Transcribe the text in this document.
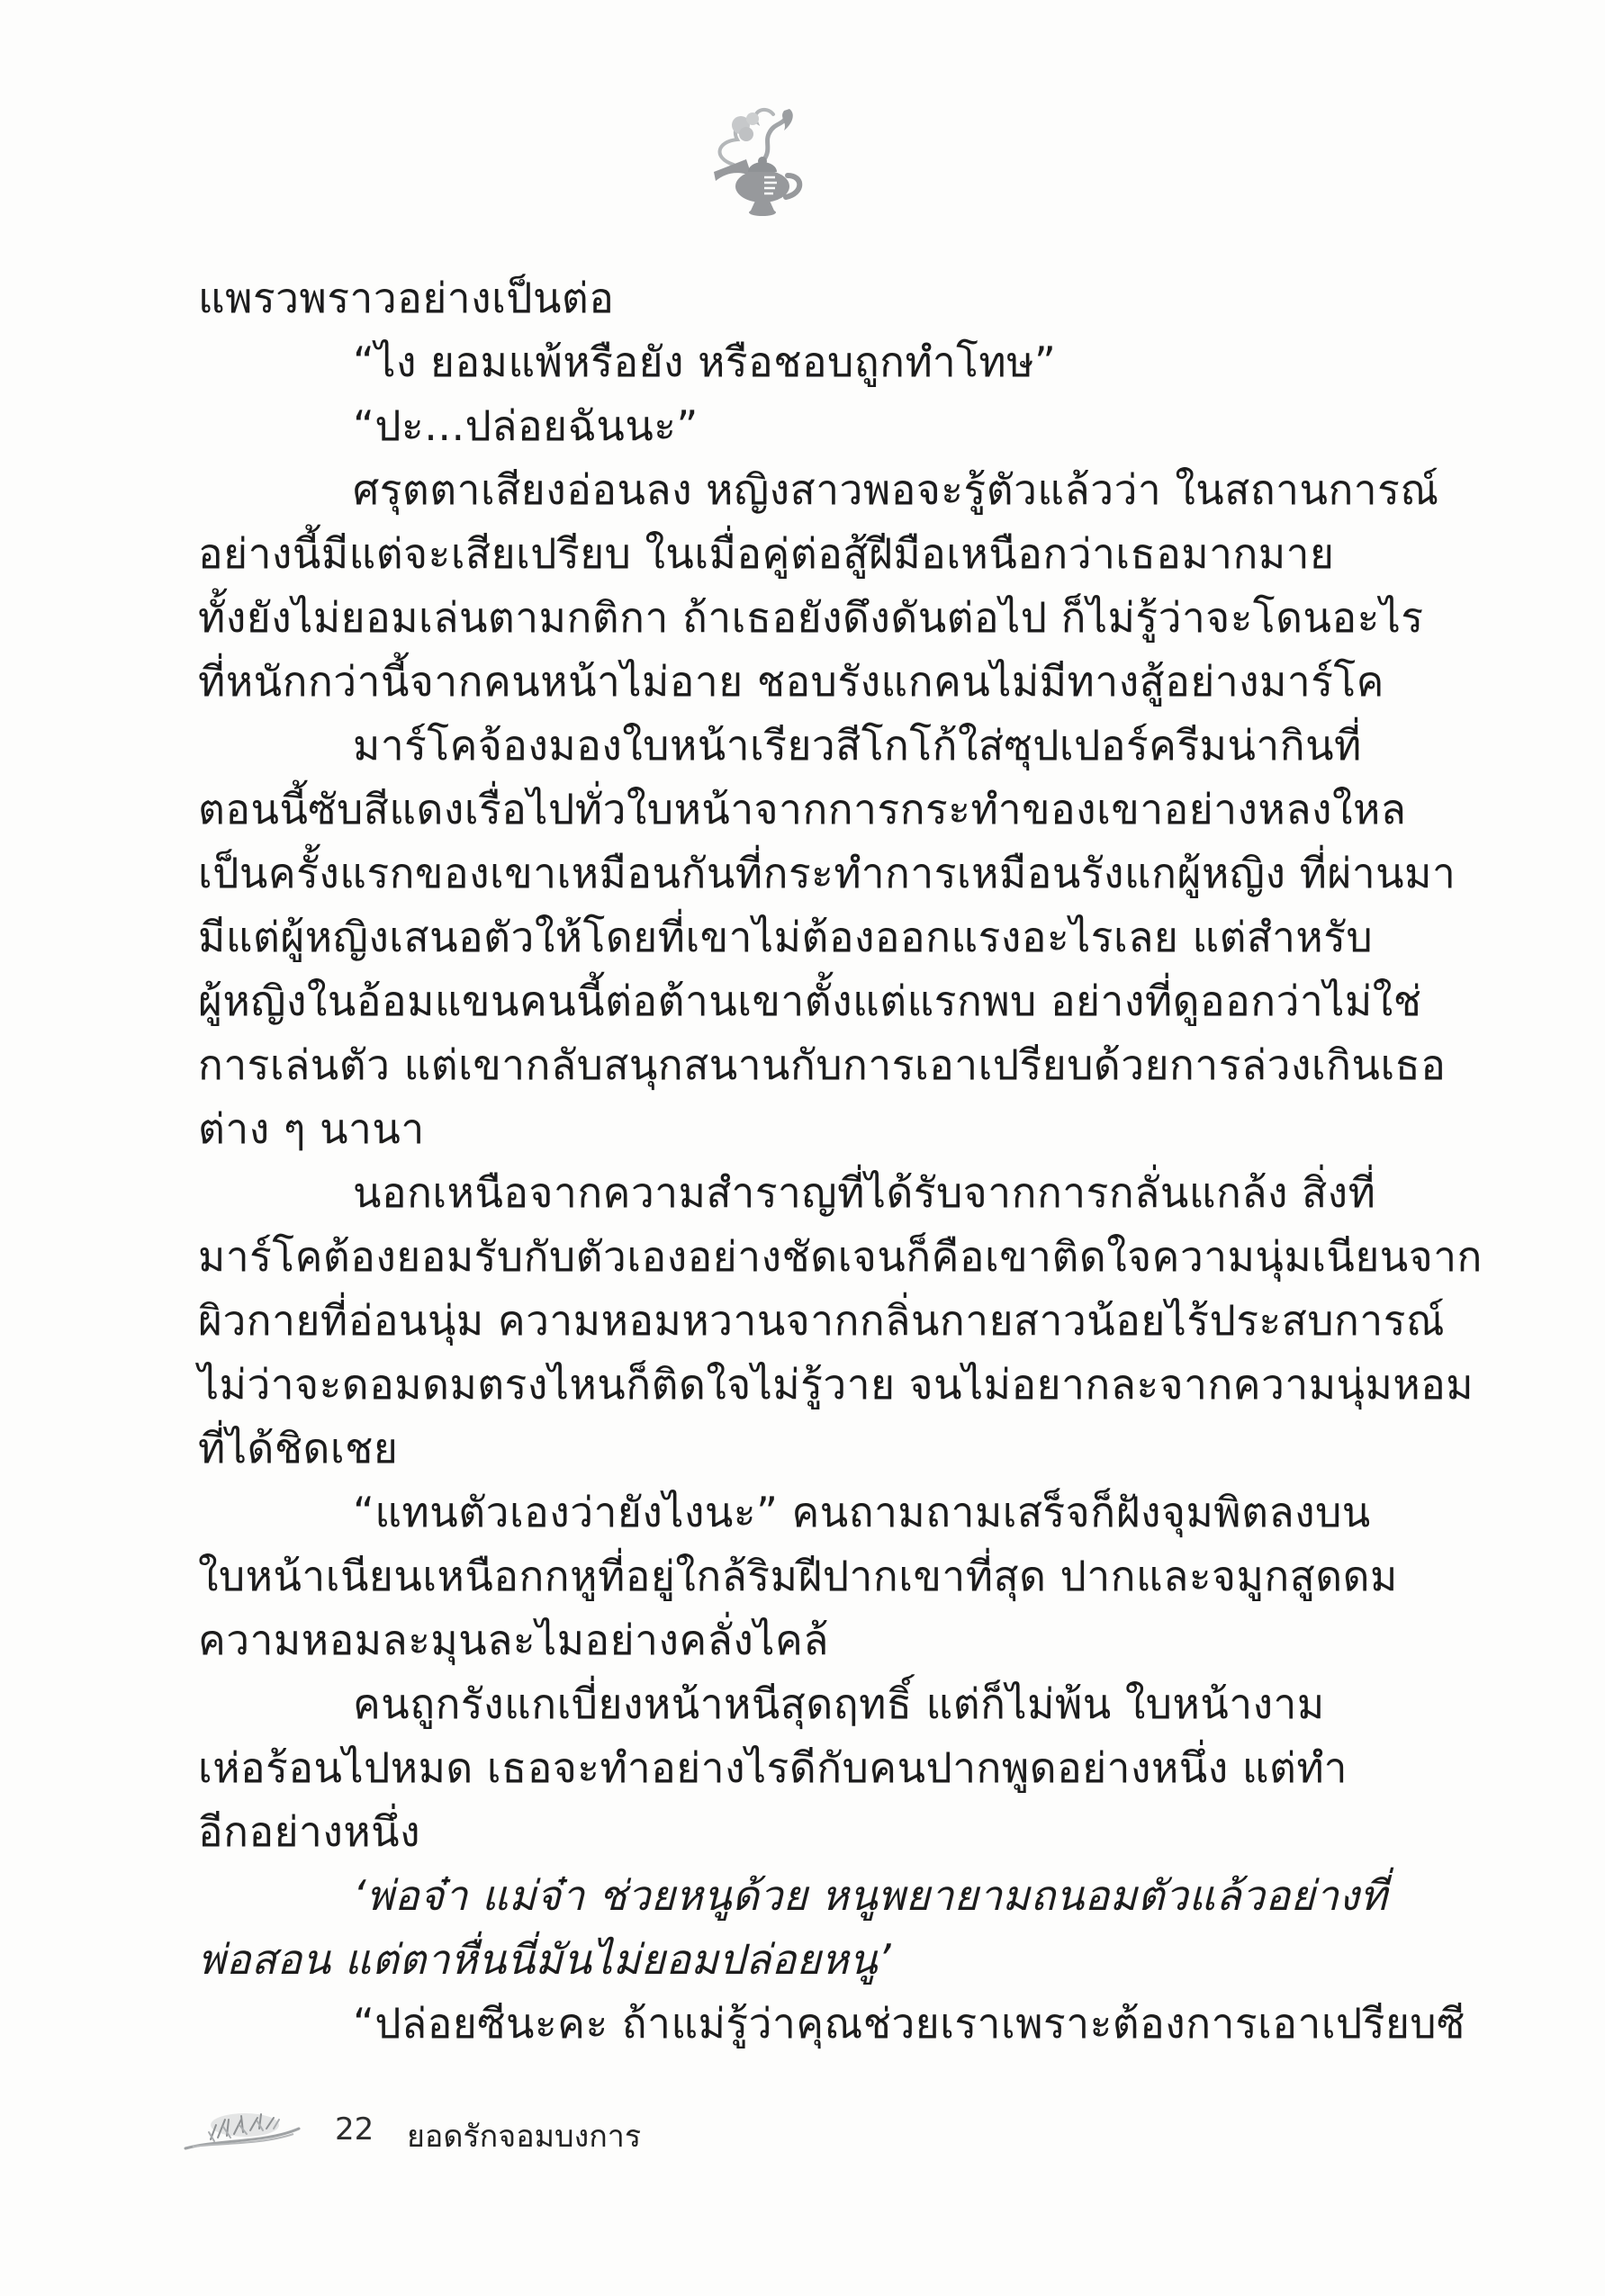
แพรวพราวอย่างเป็นต่อ
“ไง ยอมแพ้หรือยัง หรือชอบถูกทำโทษ”
“ปะ...ปล่อยฉันนะ”
ศรุตตาเสียงอ่อนลง หญิงสาวพอจะรู้ตัวแล้วว่า ในสถานการณ์
อย่างนี้มีแต่จะเสียเปรียบ ในเมื่อคู่ต่อสู้ฝีมือเหนือกว่าเธอมากมาย
ทั้งยังไม่ยอมเล่นตามกติกา ถ้าเธอยังดึงดันต่อไป ก็ไม่รู้ว่าจะโดนอะไร
ที่หนักกว่านี้จากคนหน้าไม่อาย ชอบรังแกคนไม่มีทางสู้อย่างมาร์โค
มาร์โคจ้องมองใบหน้าเรียวสีโกโก้ใส่ซุปเปอร์ครีมน่ากินที่
ตอนนี้ซับสีแดงเรื่อไปทั่วใบหน้าจากการกระทำของเขาอย่างหลงใหล
เป็นครั้งแรกของเขาเหมือนกันที่กระทำการเหมือนรังแกผู้หญิง ที่ผ่านมา
มีแต่ผู้หญิงเสนอตัวให้โดยที่เขาไม่ต้องออกแรงอะไรเลย แต่สำหรับ
ผู้หญิงในอ้อมแขนคนนี้ต่อต้านเขาตั้งแต่แรกพบ อย่างที่ดูออกว่าไม่ใช่
การเล่นตัว แต่เขากลับสนุกสนานกับการเอาเปรียบด้วยการล่วงเกินเธอ
ต่าง ๆ นานา
นอกเหนือจากความสำราญที่ได้รับจากการกลั่นแกล้ง สิ่งที่
มาร์โคต้องยอมรับกับตัวเองอย่างชัดเจนก็คือเขาติดใจความนุ่มเนียนจาก
ผิวกายที่อ่อนนุ่ม ความหอมหวานจากกลิ่นกายสาวน้อยไร้ประสบการณ์
ไม่ว่าจะดอมดมตรงไหนก็ติดใจไม่รู้วาย จนไม่อยากละจากความนุ่มหอม
ที่ได้ชิดเชย
“แทนตัวเองว่ายังไงนะ” คนถามถามเสร็จก็ฝังจุมพิตลงบน
ใบหน้าเนียนเหนือกกหูที่อยู่ใกล้ริมฝีปากเขาที่สุด ปากและจมูกสูดดม
ความหอมละมุนละไมอย่างคลั่งไคล้
คนถูกรังแกเบี่ยงหน้าหนีสุดฤทธิ์ แต่ก็ไม่พ้น ใบหน้างาม
เห่อร้อนไปหมด เธอจะทำอย่างไรดีกับคนปากพูดอย่างหนึ่ง แต่ทำ
อีกอย่างหนึ่ง
‘พ่อจ๋า แม่จ๋า ช่วยหนูด้วย หนูพยายามถนอมตัวแล้วอย่างที่
พ่อสอน แต่ตาหื่นนี่มันไม่ยอมปล่อยหนู’
“ปล่อยซีนะคะ ถ้าแม่รู้ว่าคุณช่วยเราเพราะต้องการเอาเปรียบซี
22 ยอดรักจอมบงการ
